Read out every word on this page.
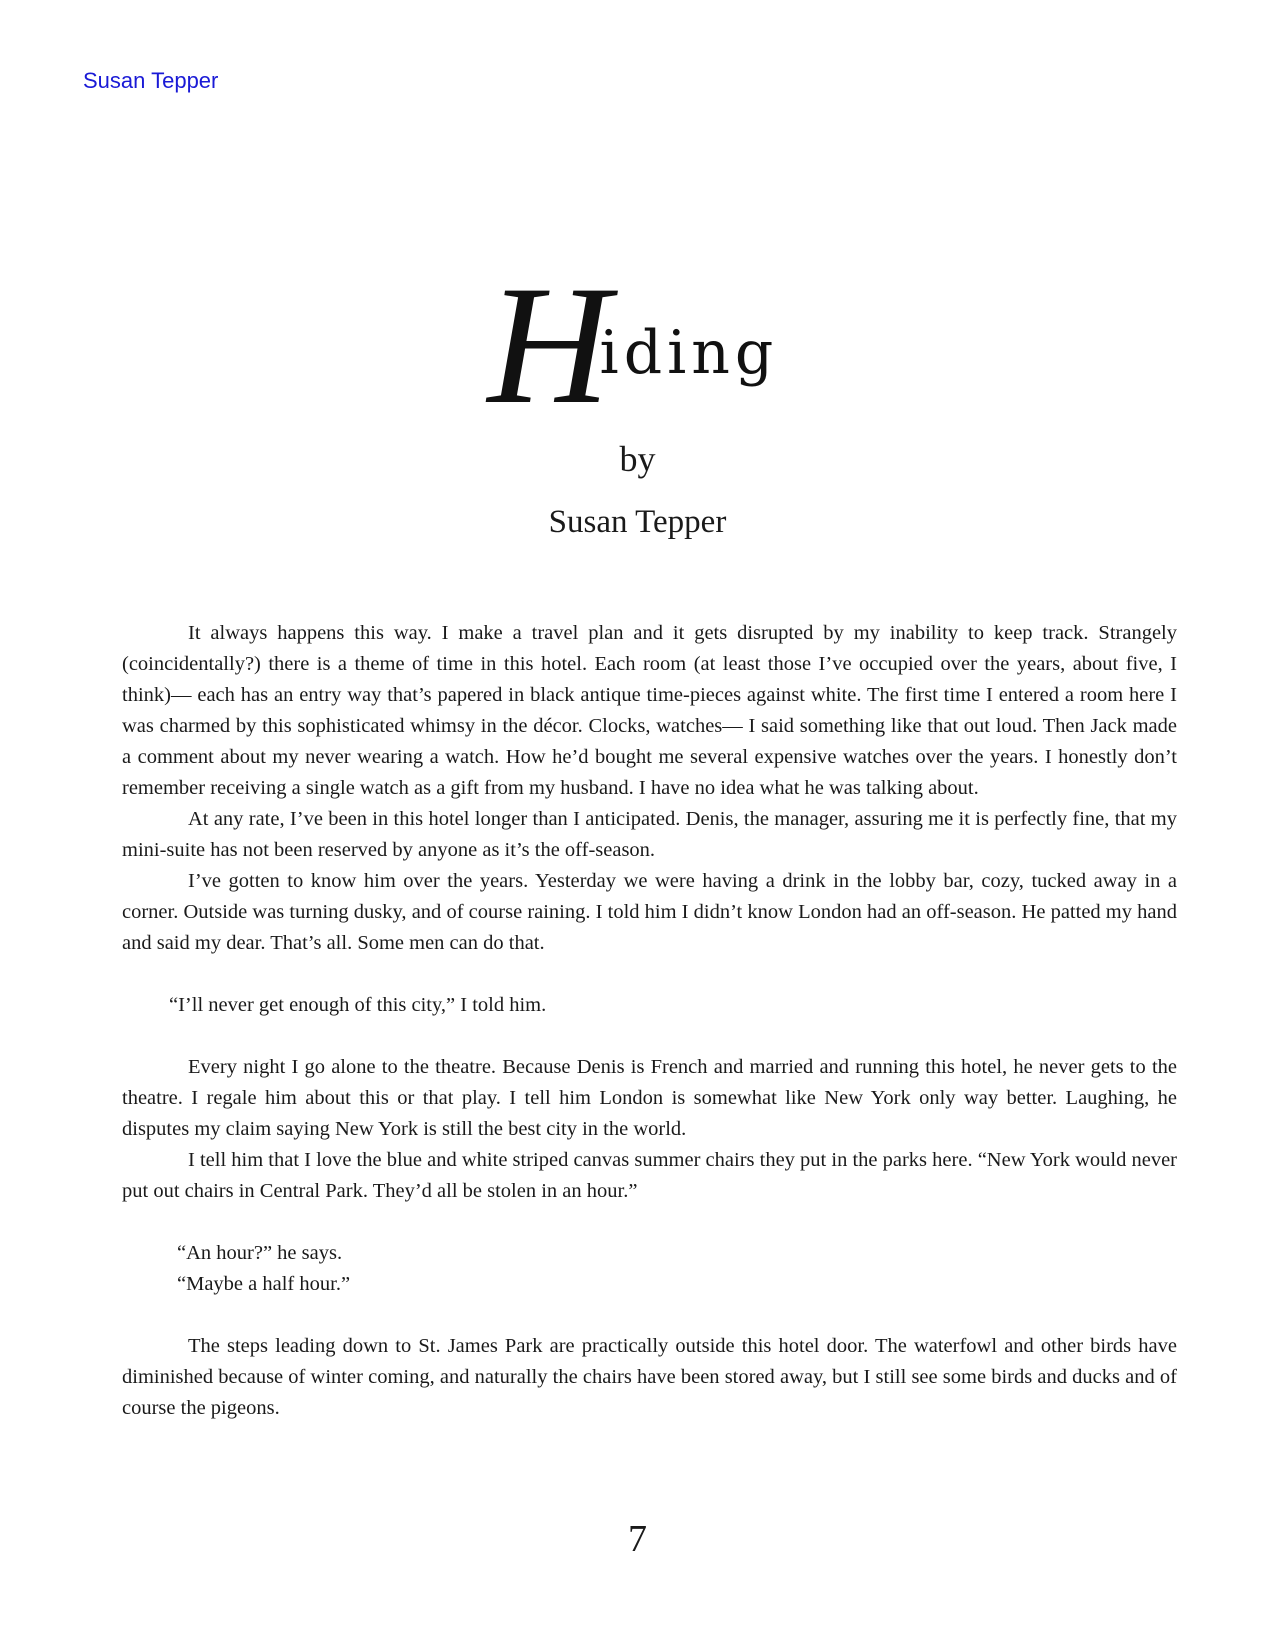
Susan Tepper
H
iding
by
Susan Tepper

It always happens this way. I make a travel plan and it gets disrupted by my inability to keep track. Strangely (coincidentally?) there is a theme of time in this hotel. Each room (at least those I’ve occupied over the years, about five, I think)— each has an entry way that’s papered in black antique time-pieces against white. The first time I entered a room here I was charmed by this sophisticated whimsy in the décor. Clocks, watches— I said something like that out loud. Then Jack made a comment about my never wearing a watch. How he’d bought me several expensive watches over the years. I honestly don’t remember receiving a single watch as a gift from my husband. I have no idea what he was talking about.

At any rate, I’ve been in this hotel longer than I anticipated. Denis, the manager, assuring me it is perfectly fine, that my mini-suite has not been reserved by anyone as it’s the off-season.

I’ve gotten to know him over the years. Yesterday we were having a drink in the lobby bar, cozy, tucked away in a corner. Outside was turning dusky, and of course raining. I told him I didn’t know London had an off-season. He patted my hand and said my dear. That’s all. Some men can do that.

“I’ll never get enough of this city,” I told him.

Every night I go alone to the theatre. Because Denis is French and married and running this hotel, he never gets to the theatre. I regale him about this or that play. I tell him London is somewhat like New York only way better. Laughing, he disputes my claim saying New York is still the best city in the world.

I tell him that I love the blue and white striped canvas summer chairs they put in the parks here. “New York would never put out chairs in Central Park. They’d all be stolen in an hour.”

“An hour?” he says.

“Maybe a half hour.”

The steps leading down to St. James Park are practically outside this hotel door. The waterfowl and other birds have diminished because of winter coming, and naturally the chairs have been stored away, but I still see some birds and ducks and of course the pigeons.

7
